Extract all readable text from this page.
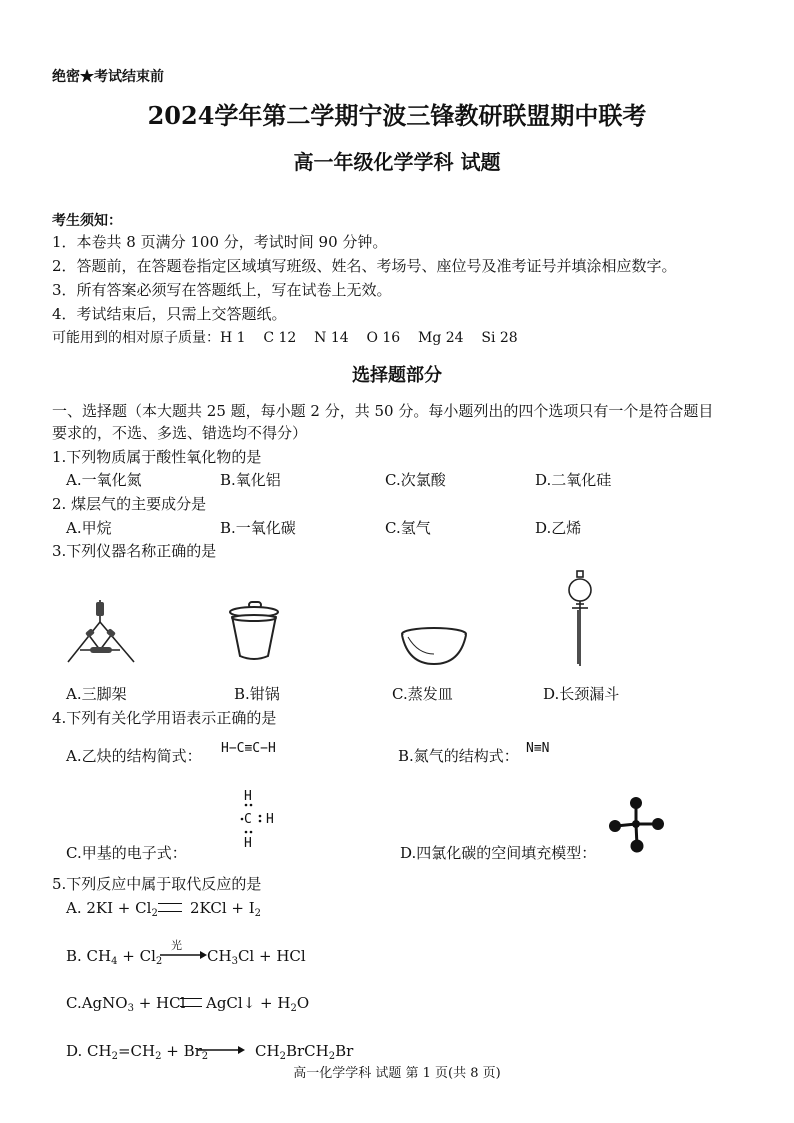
绝密★考试结束前
2024学年第二学期宁波三锋教研联盟期中联考
高一年级化学学科 试题
考生须知：
1．本卷共 8 页满分 100 分，考试时间 90 分钟。
2．答题前，在答题卷指定区域填写班级、姓名、考场号、座位号及准考证号并填涂相应数字。
3．所有答案必须写在答题纸上，写在试卷上无效。
4．考试结束后，只需上交答题纸。
可能用到的相对原子质量：H 1    C 12    N 14    O 16    Mg 24    Si 28
选择题部分
一、选择题（本大题共 25 题，每小题 2 分，共 50 分。每小题列出的四个选项只有一个是符合题目
要求的，不选、多选、错选均不得分）
1.下列物质属于酸性氧化物的是
A.一氧化氮	B.氧化铝	C.次氯酸	D.二氧化硅
2. 煤层气的主要成分是
A.甲烷	B.一氧化碳	C.氢气	D.乙烯
3.下列仪器名称正确的是
A.三脚架	B.钳锅	C.蒸发皿	D.长颈漏斗
4.下列有关化学用语表示正确的是
A.乙炔的结构简式： H−C≡C−H	B.氮气的结构式： N≡N
H
C H
H
C.甲基的电子式：	D.四氯化碳的空间填充模型：
5.下列反应中属于取代反应的是
A. $2KI + Cl_2$ $2KCl + I_2$
B. $CH_4 + Cl_2$
光
$CH_3Cl$ + HCl
C.AgNO$_3$ + HCl AgCl↓ + $H_2O$
D. $CH_2=CH_2 + Br_2$	$CH_2BrCH_2Br$
高一化学学科 试题 第 1 页(共 8 页)
